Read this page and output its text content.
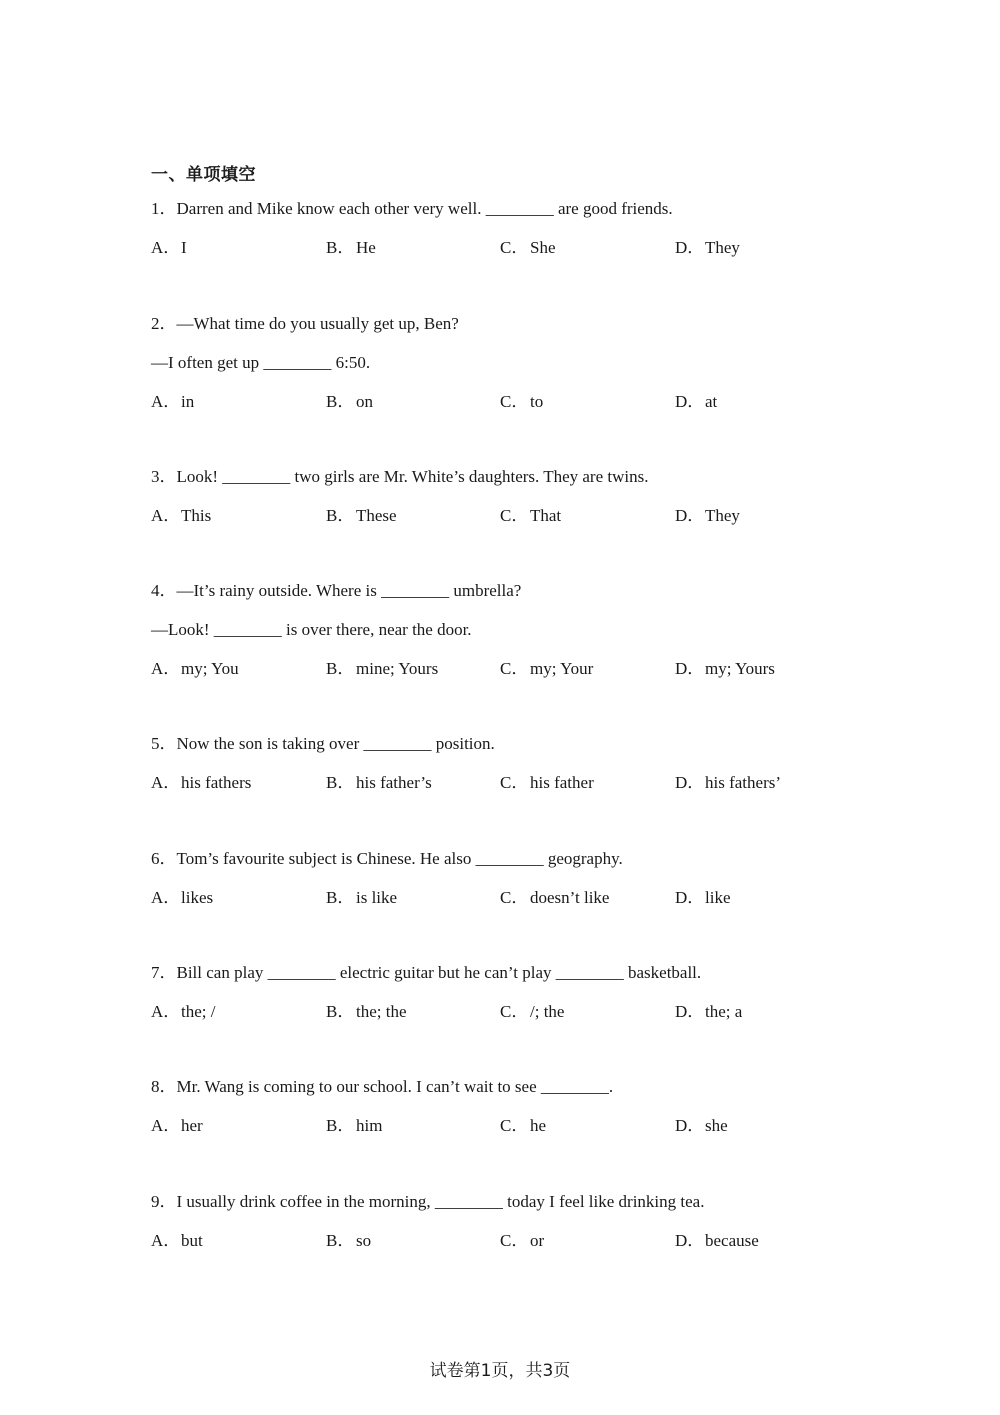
一、单项填空
1．Darren and Mike know each other very well. ________ are good friends.
A．I	B．He	C．She	D．They
2．—What time do you usually get up, Ben?
—I often get up ________ 6:50.
A．in	B．on	C．to	D．at
3．Look! ________ two girls are Mr. White’s daughters. They are twins.
A．This	B．These	C．That	D．They
4．—It’s rainy outside. Where is ________ umbrella?
—Look! ________ is over there, near the door.
A．my; You	B．mine; Yours	C．my; Your	D．my; Yours
5．Now the son is taking over ________ position.
A．his fathers	B．his father’s	C．his father	D．his fathers’
6．Tom’s favourite subject is Chinese. He also ________ geography.
A．likes	B．is like	C．doesn’t like	D．like
7．Bill can play ________ electric guitar but he can’t play ________ basketball.
A．the; /	B．the; the	C．/; the	D．the; a
8．Mr. Wang is coming to our school. I can’t wait to see ________.
A．her	B．him	C．he	D．she
9．I usually drink coffee in the morning, ________ today I feel like drinking tea.
A．but	B．so	C．or	D．because
试卷第1页，共3页
